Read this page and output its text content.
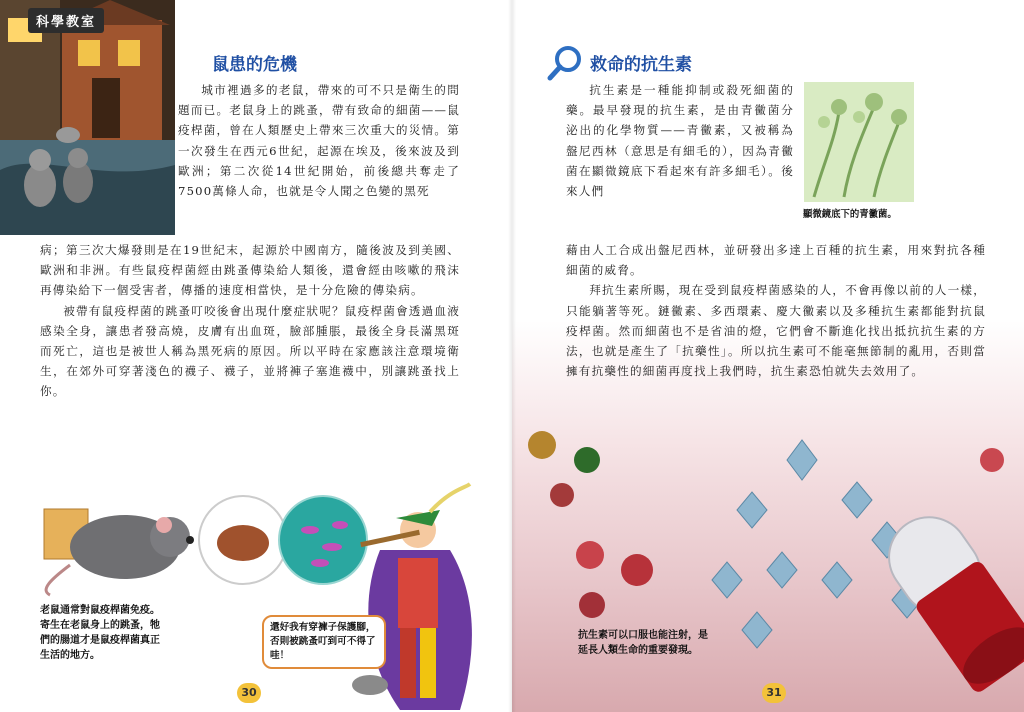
科學教室
鼠患的危機

城市裡過多的老鼠，帶來的可不只是衛生的問題而已。老鼠身上的跳蚤，帶有致命的細菌——鼠疫桿菌，曾在人類歷史上帶來三次重大的災情。第一次發生在西元6世紀，起源在埃及，後來波及到歐洲；第二次從14世紀開始，前後總共奪走了7500萬條人命，也就是令人聞之色變的黑死

病；第三次大爆發則是在19世紀末，起源於中國南方，隨後波及到美國、歐洲和非洲。有些鼠疫桿菌經由跳蚤傳染給人類後，還會經由咳嗽的飛沫再傳染給下一個受害者，傳播的速度相當快，是十分危險的傳染病。

被帶有鼠疫桿菌的跳蚤叮咬後會出現什麼症狀呢？鼠疫桿菌會透過血液感染全身，讓患者發高燒，皮膚有出血斑，臉部腫脹，最後全身長滿黑斑而死亡，這也是被世人稱為黑死病的原因。所以平時在家應該注意環境衛生，在郊外可穿著淺色的襪子、襪子，並將褲子塞進襪中，別讓跳蚤找上你。

老鼠通常對鼠疫桿菌免疫。寄生在老鼠身上的跳蚤，牠們的腸道才是鼠疫桿菌真正生活的地方。
還好我有穿褲子保護腳，否則被跳蚤叮到可不得了哇！
30
救命的抗生素

抗生素是一種能抑制或殺死細菌的藥。最早發現的抗生素，是由青黴菌分泌出的化學物質——青黴素，又被稱為盤尼西林（意思是有細毛的），因為青黴菌在顯微鏡底下看起來有許多細毛）。後來人們

藉由人工合成出盤尼西林，並研發出多達上百種的抗生素，用來對抗各種細菌的威脅。

拜抗生素所賜，現在受到鼠疫桿菌感染的人，不會再像以前的人一樣，只能躺著等死。鏈黴素、多西環素、慶大黴素以及多種抗生素都能對抗鼠疫桿菌。然而細菌也不是省油的燈，它們會不斷進化找出抵抗抗生素的方法，也就是產生了「抗藥性」。所以抗生素可不能毫無節制的亂用，否則當擁有抗藥性的細菌再度找上我們時，抗生素恐怕就失去效用了。

顯微鏡底下的青黴菌。
抗生素可以口服也能注射，是延長人類生命的重要發現。
31
